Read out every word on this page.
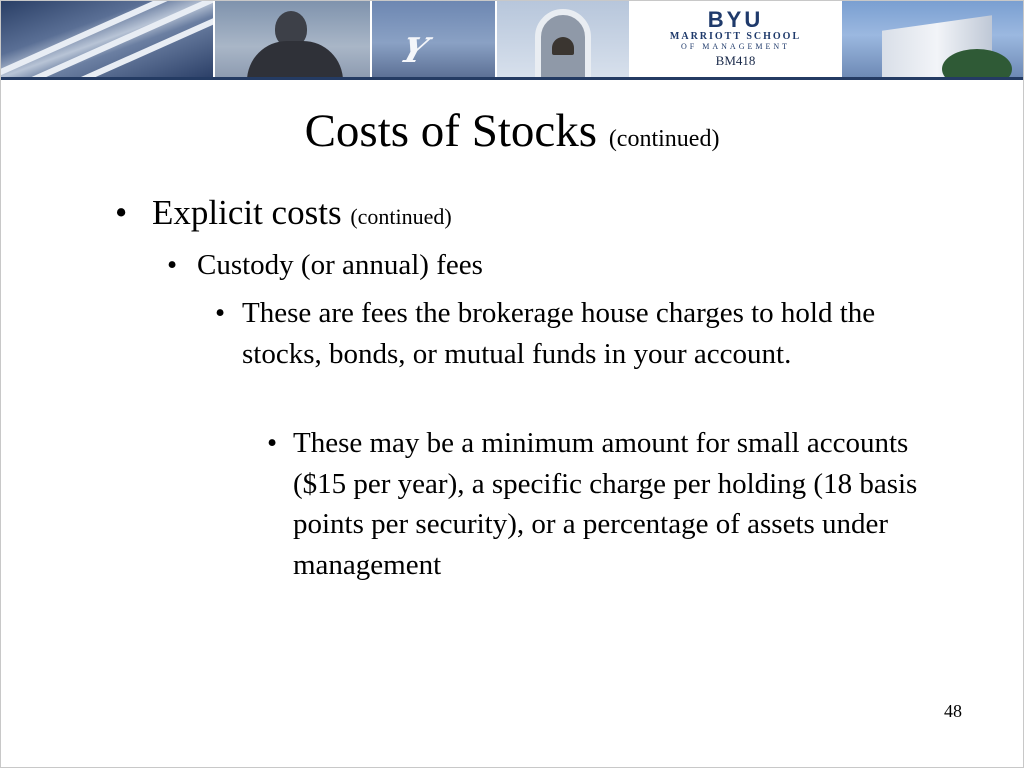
Y
BYU
MARRIOTT SCHOOL
OF MANAGEMENT
BM418
Costs of Stocks (continued)
• Explicit costs (continued)
• Custody (or annual) fees
• These are fees the brokerage house charges to hold the stocks, bonds, or mutual funds in your account.
• These may be a minimum amount for small accounts ($15 per year), a specific charge per holding (18 basis points per security), or a percentage of assets under management
48
